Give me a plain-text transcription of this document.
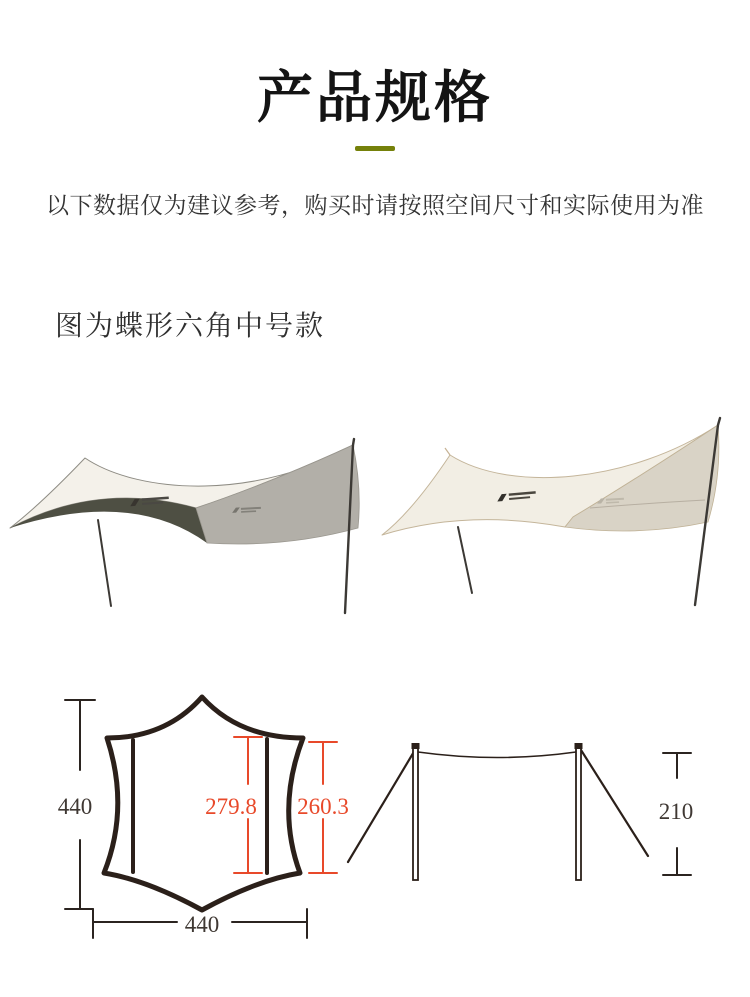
产品规格
以下数据仅为建议参考，购买时请按照空间尺寸和实际使用为准
图为蝶形六角中号款
440
440
279.8 260.3	210
